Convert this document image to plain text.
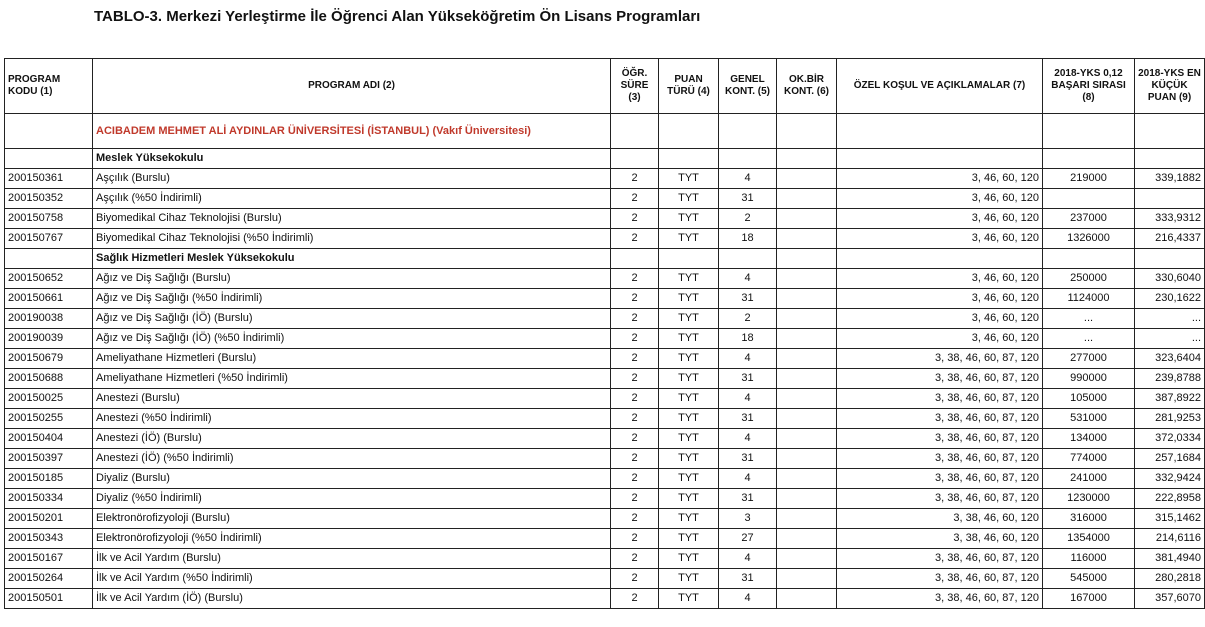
TABLO-3. Merkezi Yerleştirme İle Öğrenci Alan Yükseköğretim Ön Lisans Programları
PROGRAM KODU (1)	PROGRAM ADI (2)	ÖĞR. SÜRE (3)	PUAN TÜRÜ (4)	GENEL KONT. (5)	OK.BİR KONT. (6)	ÖZEL KOŞUL VE AÇIKLAMALAR (7)	2018-YKS 0,12 BAŞARI SIRASI (8)	2018-YKS EN KÜÇÜK PUAN (9)
	ACIBADEM MEHMET ALİ AYDINLAR ÜNİVERSİTESİ (İSTANBUL) (Vakıf Üniversitesi)							
	Meslek Yüksekokulu							
200150361	Aşçılık (Burslu)	2	TYT	4		3, 46, 60, 120	219000	339,1882
200150352	Aşçılık (%50 İndirimli)	2	TYT	31		3, 46, 60, 120		
200150758	Biyomedikal Cihaz Teknolojisi (Burslu)	2	TYT	2		3, 46, 60, 120	237000	333,9312
200150767	Biyomedikal Cihaz Teknolojisi (%50 İndirimli)	2	TYT	18		3, 46, 60, 120	1326000	216,4337
	Sağlık Hizmetleri Meslek Yüksekokulu							
200150652	Ağız ve Diş Sağlığı (Burslu)	2	TYT	4		3, 46, 60, 120	250000	330,6040
200150661	Ağız ve Diş Sağlığı (%50 İndirimli)	2	TYT	31		3, 46, 60, 120	1124000	230,1622
200190038	Ağız ve Diş Sağlığı (İÖ) (Burslu)	2	TYT	2		3, 46, 60, 120	...	...
200190039	Ağız ve Diş Sağlığı (İÖ) (%50 İndirimli)	2	TYT	18		3, 46, 60, 120	...	...
200150679	Ameliyathane Hizmetleri (Burslu)	2	TYT	4		3, 38, 46, 60, 87, 120	277000	323,6404
200150688	Ameliyathane Hizmetleri (%50 İndirimli)	2	TYT	31		3, 38, 46, 60, 87, 120	990000	239,8788
200150025	Anestezi (Burslu)	2	TYT	4		3, 38, 46, 60, 87, 120	105000	387,8922
200150255	Anestezi (%50 İndirimli)	2	TYT	31		3, 38, 46, 60, 87, 120	531000	281,9253
200150404	Anestezi (İÖ) (Burslu)	2	TYT	4		3, 38, 46, 60, 87, 120	134000	372,0334
200150397	Anestezi (İÖ) (%50 İndirimli)	2	TYT	31		3, 38, 46, 60, 87, 120	774000	257,1684
200150185	Diyaliz (Burslu)	2	TYT	4		3, 38, 46, 60, 87, 120	241000	332,9424
200150334	Diyaliz (%50 İndirimli)	2	TYT	31		3, 38, 46, 60, 87, 120	1230000	222,8958
200150201	Elektronörofizyoloji (Burslu)	2	TYT	3		3, 38, 46, 60, 120	316000	315,1462
200150343	Elektronörofizyoloji (%50 İndirimli)	2	TYT	27		3, 38, 46, 60, 120	1354000	214,6116
200150167	İlk ve Acil Yardım (Burslu)	2	TYT	4		3, 38, 46, 60, 87, 120	116000	381,4940
200150264	İlk ve Acil Yardım (%50 İndirimli)	2	TYT	31		3, 38, 46, 60, 87, 120	545000	280,2818
200150501	İlk ve Acil Yardım (İÖ) (Burslu)	2	TYT	4		3, 38, 46, 60, 87, 120	167000	357,6070
